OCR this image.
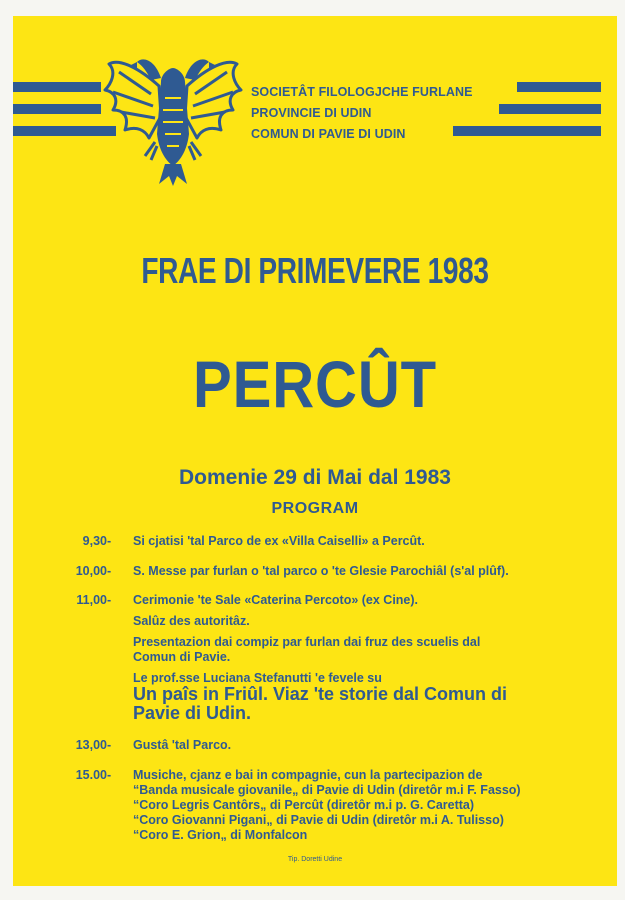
SOCIETÂT FILOLOGJCHE FURLANE
PROVINCIE DI UDIN
COMUN DI PAVIE DI UDIN
FRAE DI PRIMEVERE 1983
PERCÛT
Domenie 29 di Mai dal 1983
PROGRAM
9,30 - Si cjatisi 'tal Parco de ex «Villa Caiselli» a Percût.
10,00 - S. Messe par furlan o 'tal parco o 'te Glesie Parochiâl (s'al plûf).
11,00 - Cerimonie 'te Sale «Caterina Percoto» (ex Cine).
Salûz des autoritâz.
Presentazion dai compiz par furlan dai fruz des scuelis dal
Comun di Pavie.
Le prof.sse Luciana Stefanutti 'e fevele su
Un paîs in Friûl. Viaz 'te storie dal Comun di
Pavie di Udin.
13,00 - Gustâ 'tal Parco.
15.00 - Musiche, cjanz e bai in compagnie, cun la partecipazion de
“Banda musicale giovanile„ di Pavie di Udin (diretôr m.i F. Fasso)
“Coro Legris Cantôrs„ di Percût (diretôr m.i p. G. Caretta)
“Coro Giovanni Pigani„ di Pavie di Udin (diretôr m.i A. Tulisso)
“Coro E. Grion„ di Monfalcon
Tip. Doretti Udine
